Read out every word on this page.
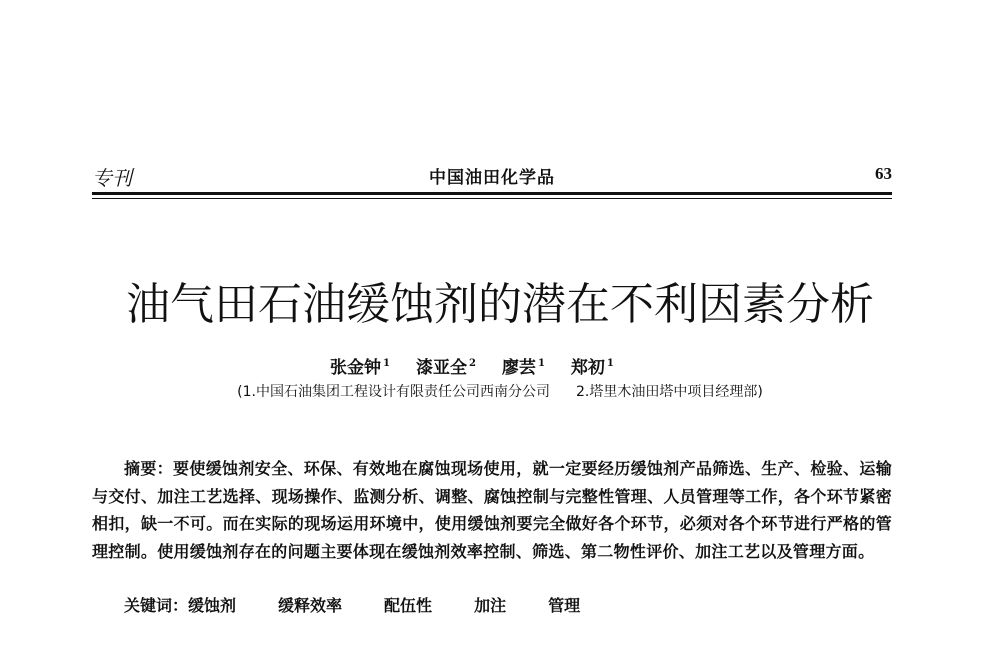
专刊	中国油田化学品	63
油气田石油缓蚀剂的潜在不利因素分析
张金钟 $^1$ 漆亚全 $^2$ 廖芸 $^1$ 郑初 $^1$
(1.中国石油集团工程设计有限责任公司西南分公司 2.塔里木油田塔中项目经理部)

摘要：要使缓蚀剂安全、环保、有效地在腐蚀现场使用，就一定要经历缓蚀剂产品筛选、生产、检验、运输与交付、加注工艺选择、现场操作、监测分析、调整、腐蚀控制与完整性管理、人员管理等工作，各个环节紧密相扣，缺一不可。而在实际的现场运用环境中，使用缓蚀剂要完全做好各个环节，必须对各个环节进行严格的管理控制。使用缓蚀剂存在的问题主要体现在缓蚀剂效率控制、筛选、第二物性评价、加注工艺以及管理方面。

关键词：缓蚀剂	缓释效率	配伍性	加注	管理
